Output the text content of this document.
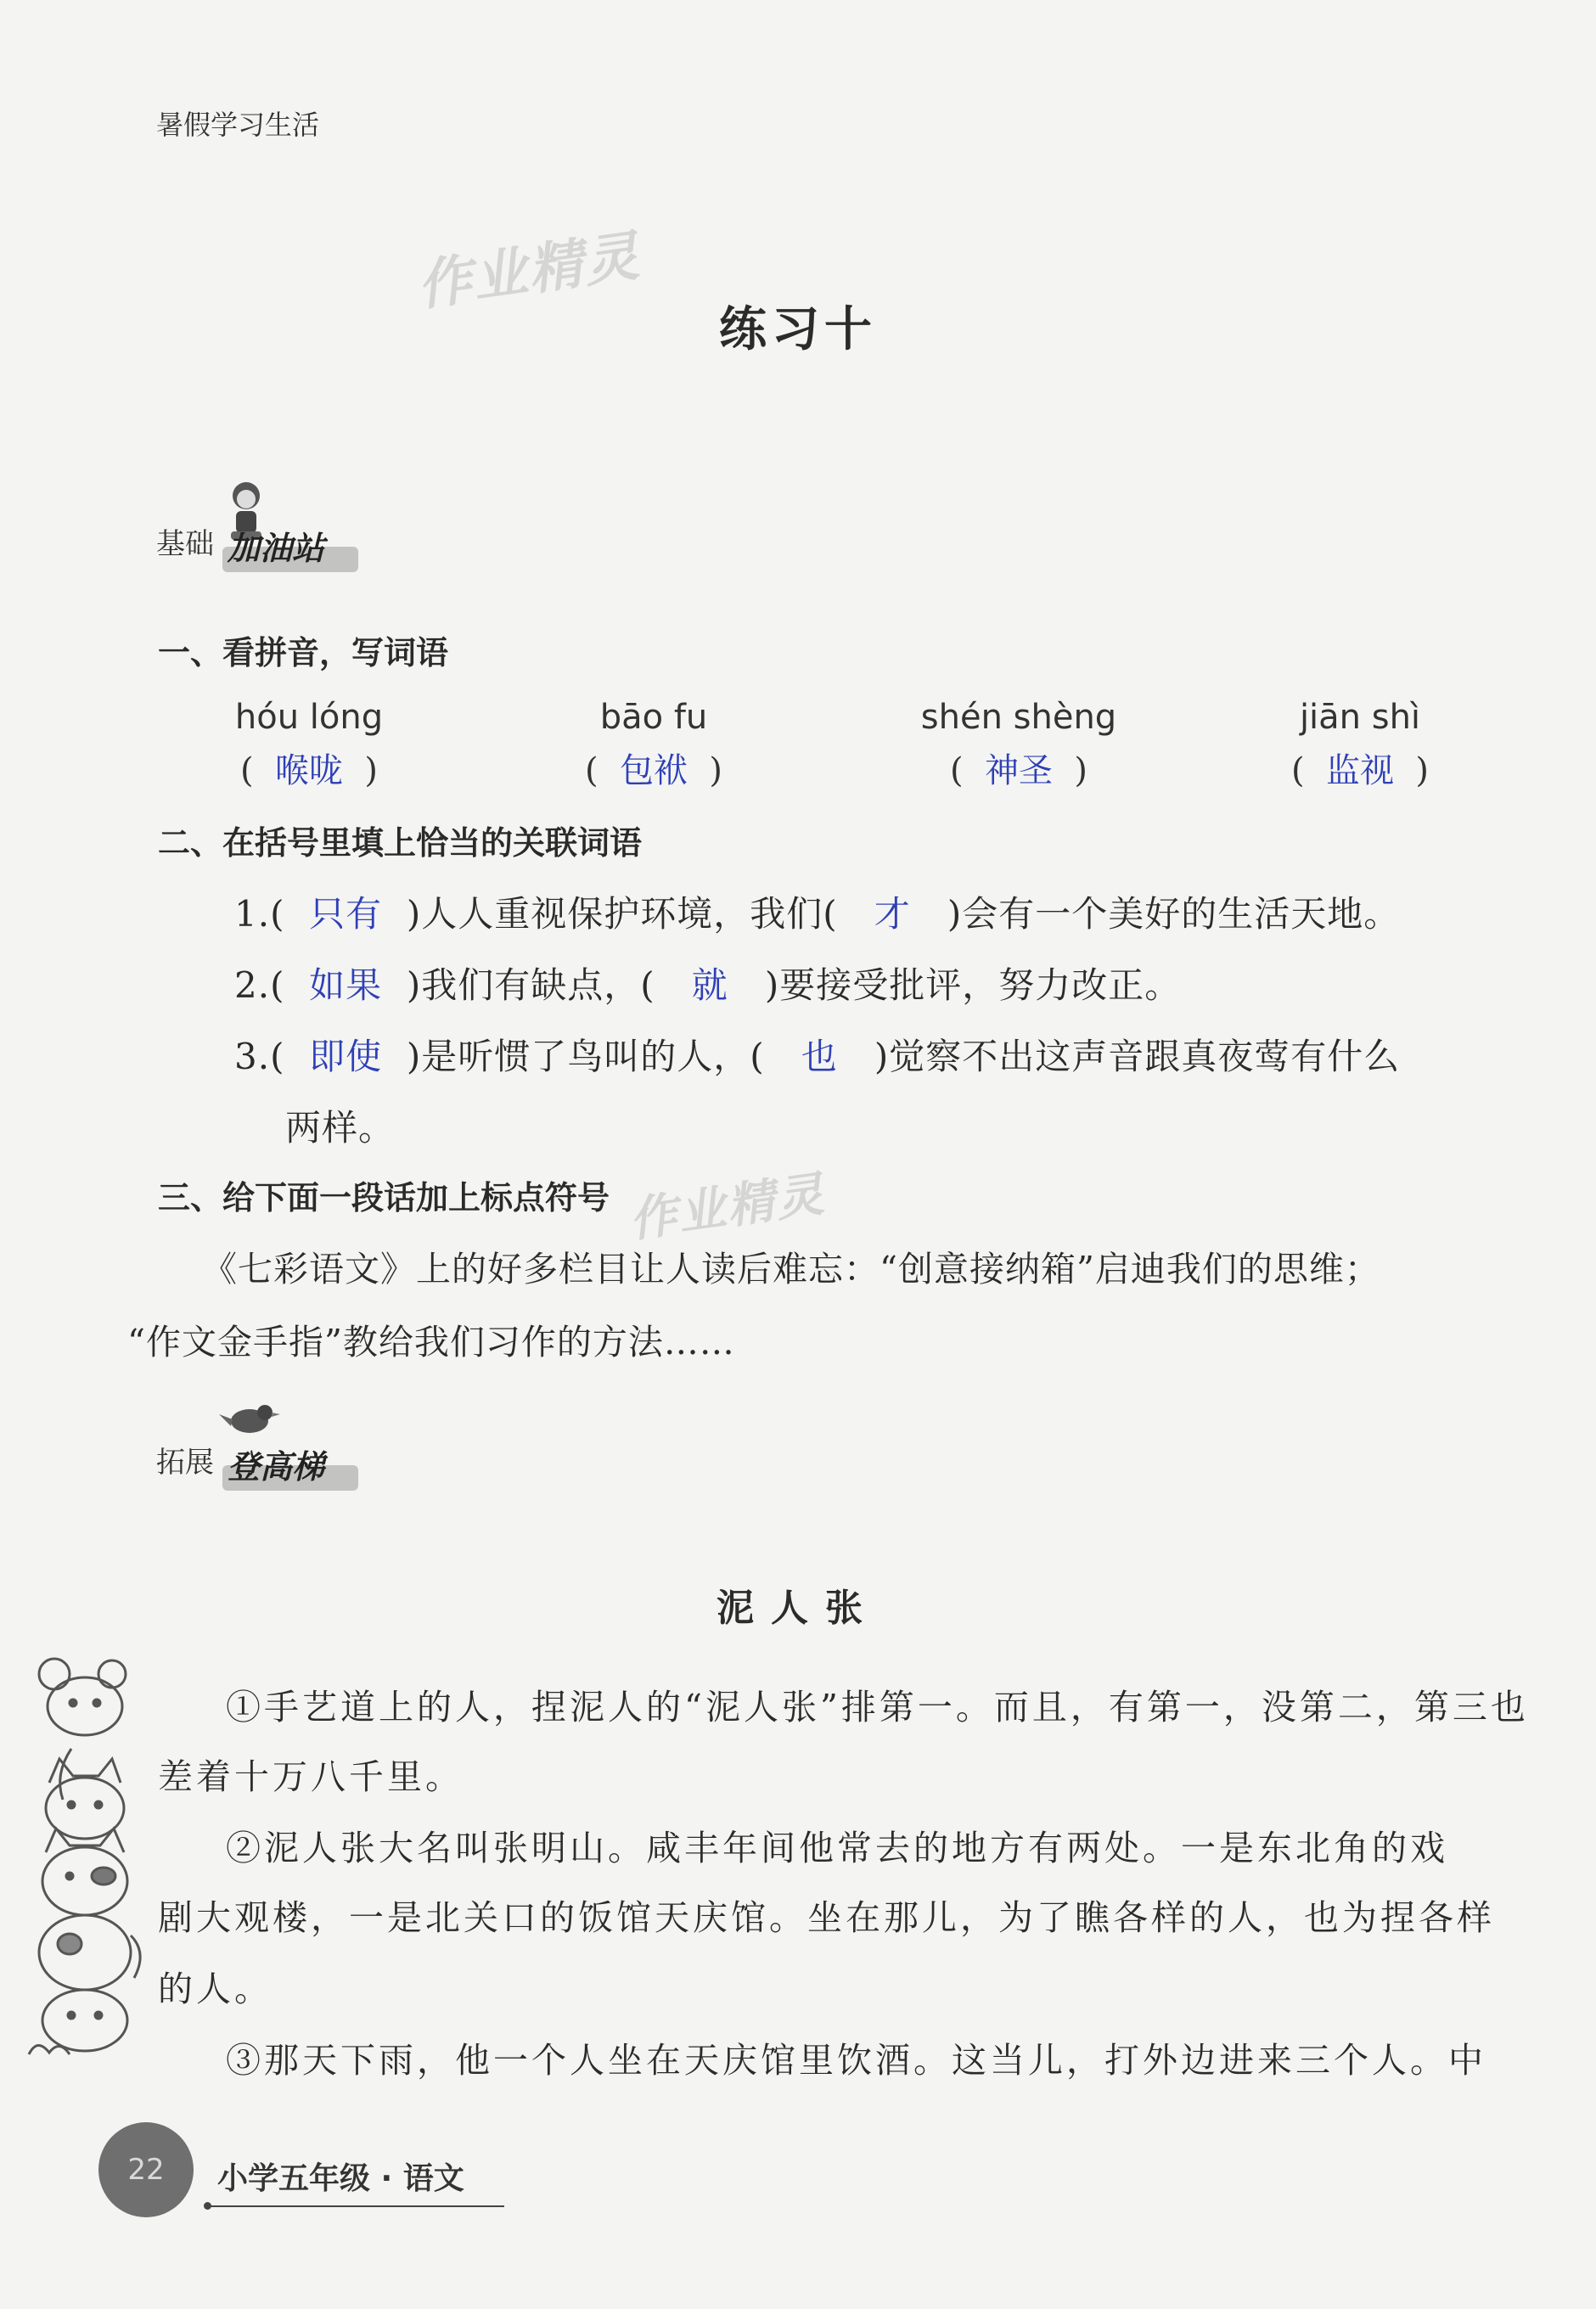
暑假学习生活
作业精灵
作业精灵
练习十
基础 加油站
一、看拼音，写词语
hóu lóng	bāo fu	shén shèng	jiān shì
(  喉咙  )	(  包袱  )	(  神圣  )	(  监视  )
二、在括号里填上恰当的关联词语
1.(  只有 )人人重视保护环境，我们( 才 )会有一个美好的生活天地。
2.(  如果 )我们有缺点，( 就 )要接受批评，努力改正。
3.(  即使 )是听惯了鸟叫的人，( 也 )觉察不出这声音跟真夜莺有什么
两样。
三、给下面一段话加上标点符号
《七彩语文》上的好多栏目让人读后难忘：“创意接纳箱”启迪我们的思维；
“作文金手指”教给我们习作的方法……
拓展 登高梯
泥人张
①手艺道上的人，捏泥人的“泥人张”排第一。而且，有第一，没第二，第三也
差着十万八千里。
②泥人张大名叫张明山。咸丰年间他常去的地方有两处。一是东北角的戏
剧大观楼，一是北关口的饭馆天庆馆。坐在那儿，为了瞧各样的人，也为捏各样
的人。
③那天下雨，他一个人坐在天庆馆里饮酒。这当儿，打外边进来三个人。中
22	小学五年级 · 语文
